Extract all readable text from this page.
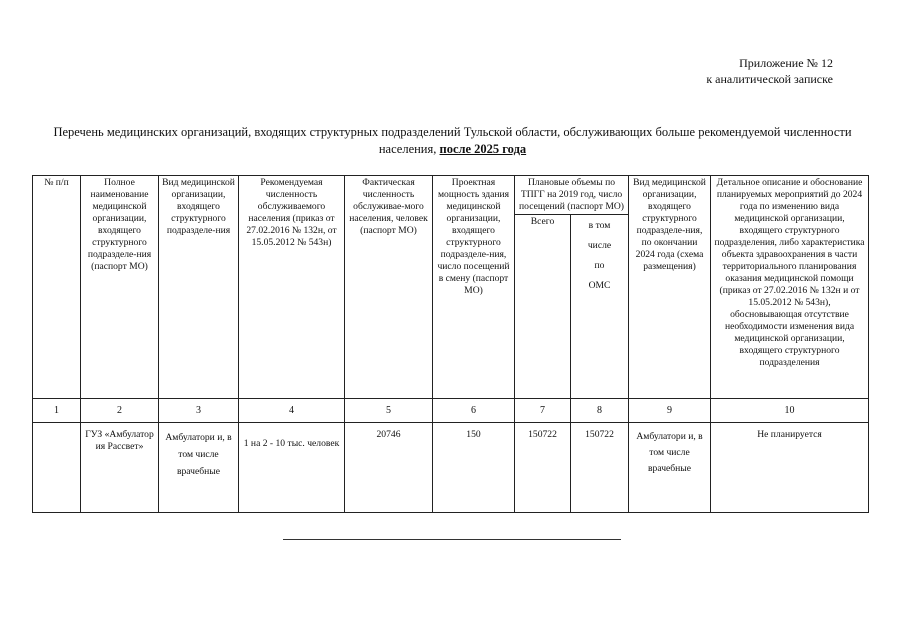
Приложение № 12
к аналитической записке
Перечень медицинских организаций, входящих структурных подразделений Тульской области, обслуживающих больше рекомендуемой численности населения, после 2025 года
№ п/п	Полное наименование медицинской организации, входящего структурного подразделе-ния (паспорт МО)	Вид медицинской организации, входящего структурного подразделе-ния	Рекомендуемая численность обслуживаемого населения (приказ от 27.02.2016 № 132н, от 15.05.2012 № 543н)	Фактическая численность обслуживае-мого населения, человек (паспорт МО)	Проектная мощность здания медицинской организации, входящего структурного подразделе-ния, число посещений в смену (паспорт МО)	Плановые объемы по ТПГГ на 2019 год, число посещений (паспорт МО)		Вид медицинской организации, входящего структурного подразделе-ния, по окончании 2024 года (схема размещения)	Детальное описание и обоснование планируемых мероприятий до 2024 года по изменению вида медицинской организации, входящего структурного подразделения, либо характеристика объекта здравоохранения в части территориального планирования оказания медицинской помощи (приказ от 27.02.2016 № 132н и от 15.05.2012 № 543н), обосновывающая отсутствие необходимости изменения вида медицинской организации, входящего структурного подразделения
						Всего	в том числе по ОМС		

1	2	3	4	5	6	7	8	9	10
	ГУЗ «Амбулатор ия Рассвет»	Амбулатори и, в том числе врачебные	1 на 2 - 10 тыс. человек	20746	150	150722	150722	Амбулатори и, в том числе врачебные	Не планируется
